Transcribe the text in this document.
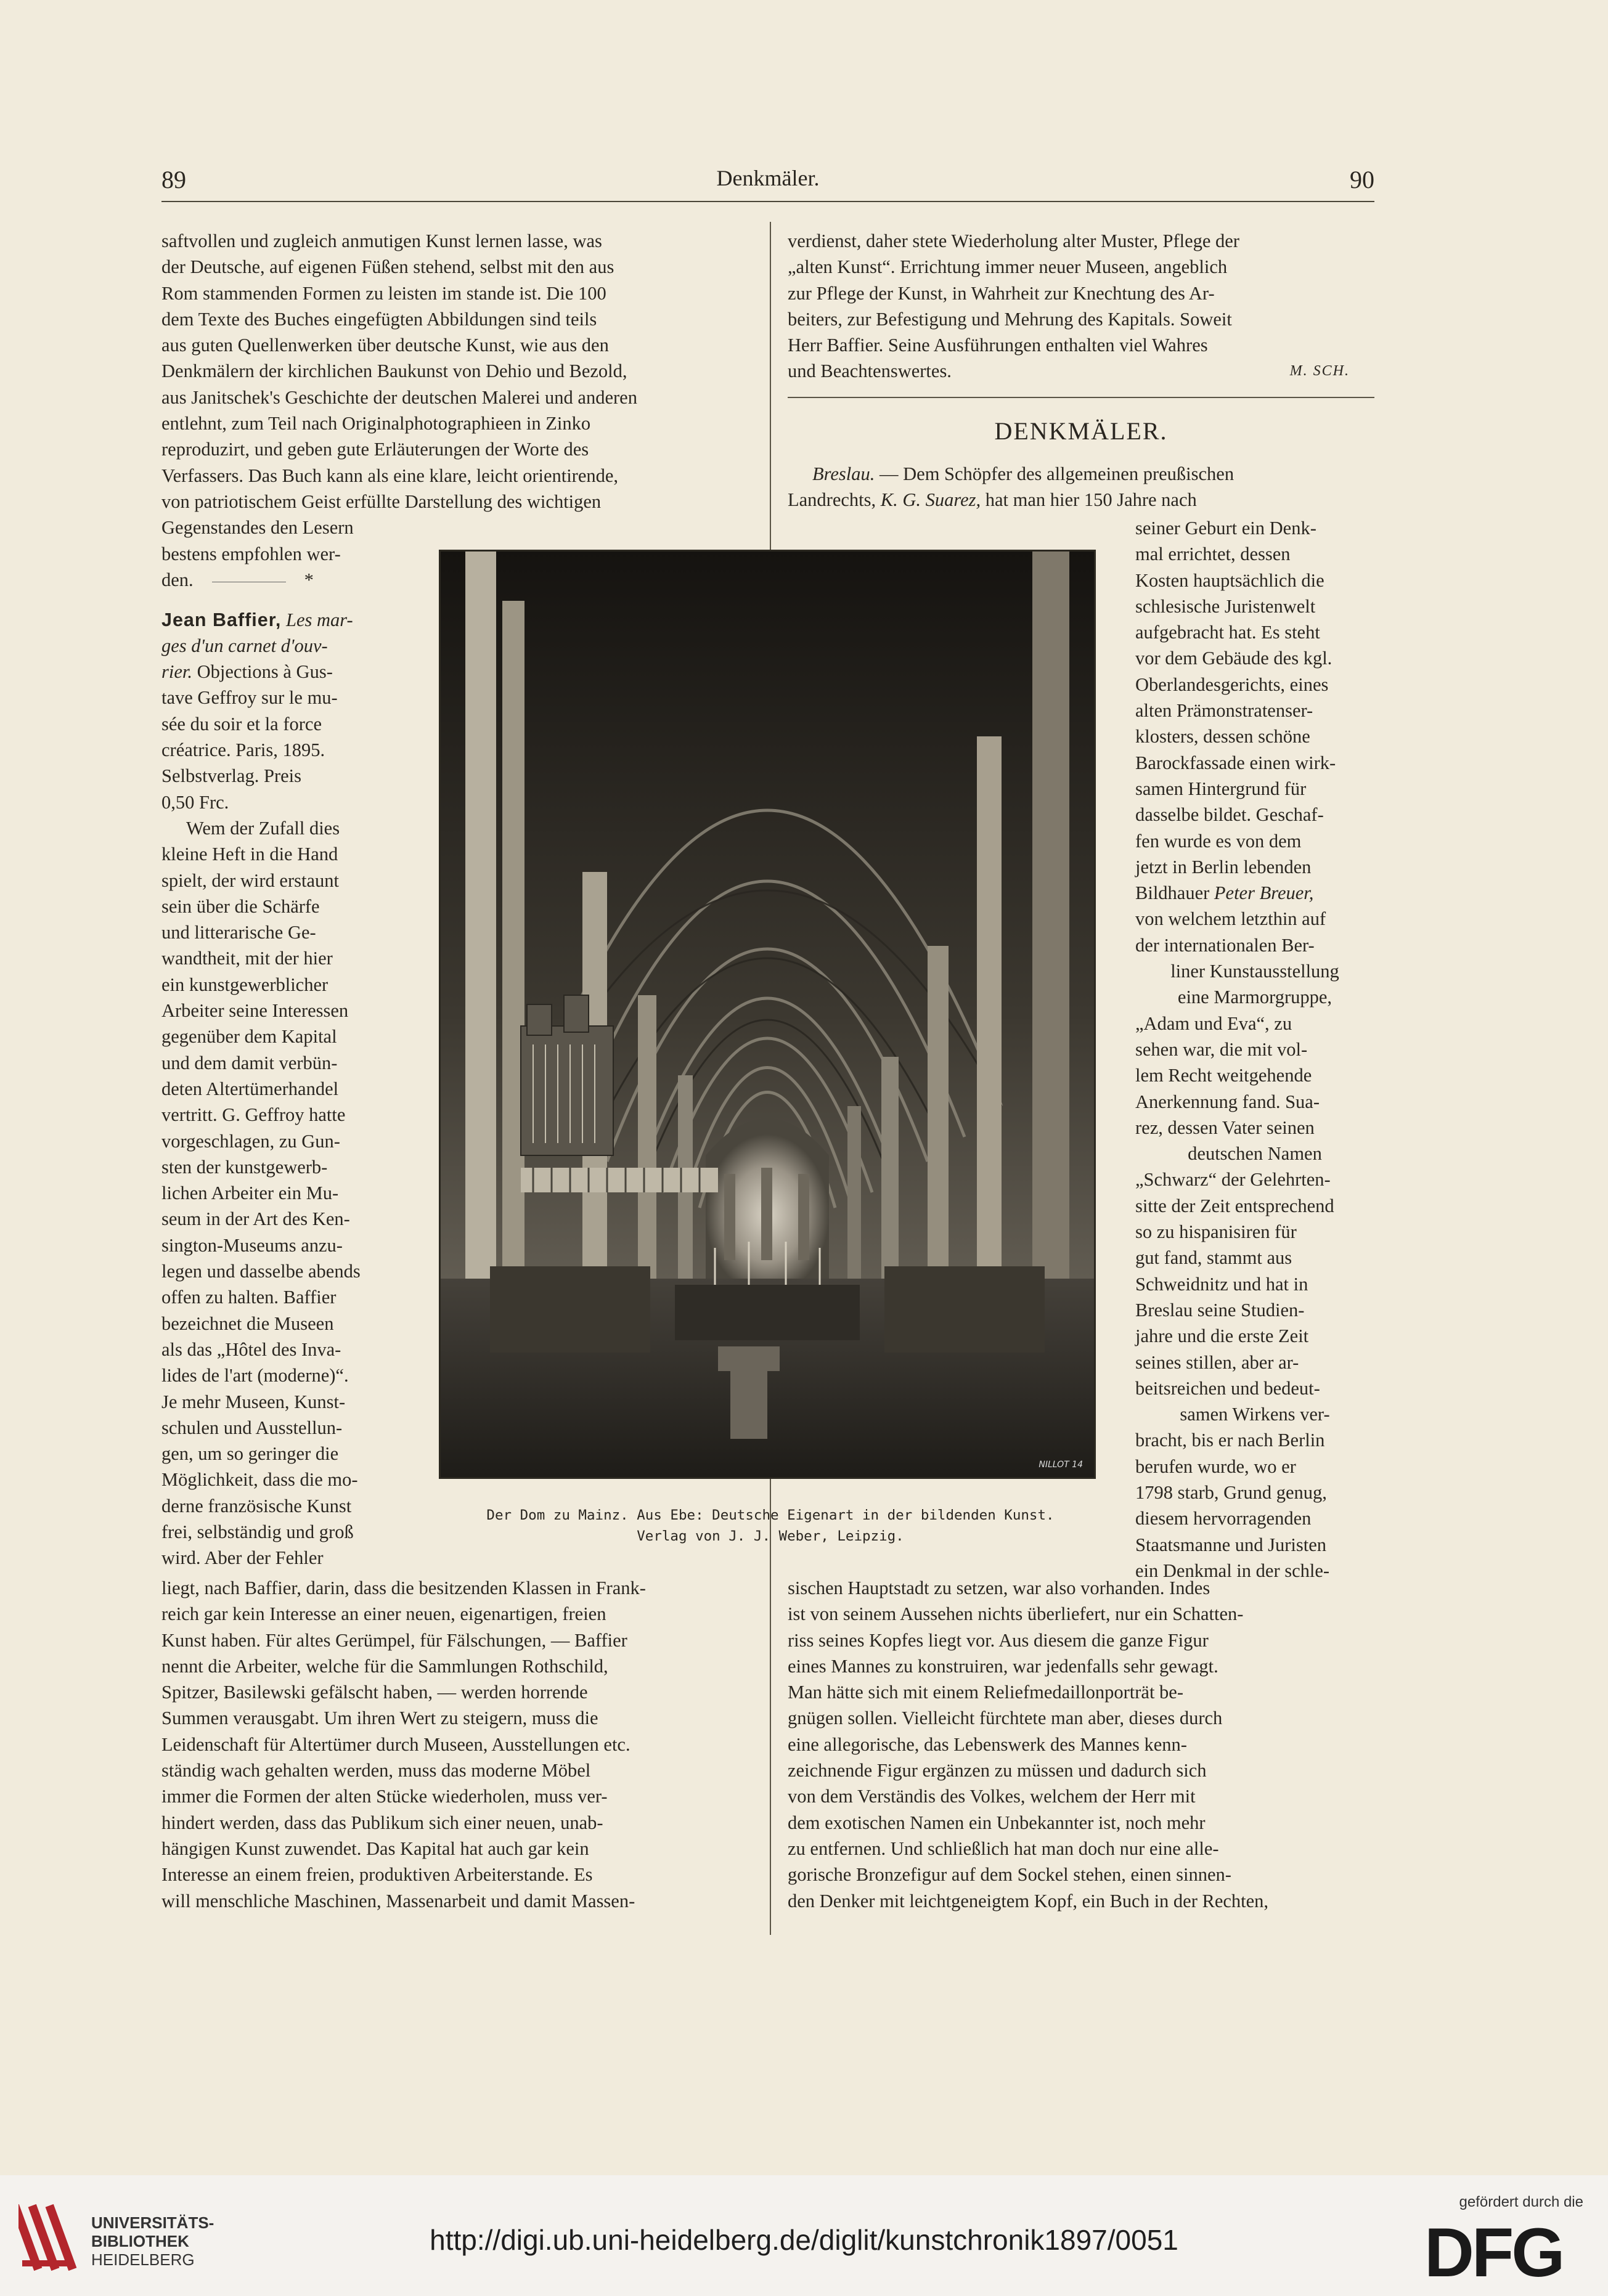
89	Denkmäler.	90

saftvollen und zugleich anmutigen Kunst lernen lasse, was

der Deutsche, auf eigenen Füßen stehend, selbst mit den aus

Rom stammenden Formen zu leisten im stande ist. Die 100

dem Texte des Buches eingefügten Abbildungen sind teils

aus guten Quellenwerken über deutsche Kunst, wie aus den

Denkmälern der kirchlichen Baukunst von Dehio und Bezold,

aus Janitschek's Geschichte der deutschen Malerei und anderen

entlehnt, zum Teil nach Originalphotographieen in Zinko

reproduzirt, und geben gute Erläuterungen der Worte des

Verfassers. Das Buch kann als eine klare, leicht orientirende,

von patriotischem Geist erfüllte Darstellung des wichtigen

Gegenstandes den Lesern

bestens empfohlen wer-

den.	*

Jean Baffier, Les mar-

ges d'un carnet d'ouv-

rier. Objections à Gus-

tave Geffroy sur le mu-

sée du soir et la force

créatrice. Paris, 1895.

Selbstverlag. Preis

0,50 Frc.

Wem der Zufall dies

kleine Heft in die Hand

spielt, der wird erstaunt

sein über die Schärfe

und litterarische Ge-

wandtheit, mit der hier

ein kunstgewerblicher

Arbeiter seine Interessen

gegenüber dem Kapital

und dem damit verbün-

deten Altertümerhandel

vertritt. G. Geffroy hatte

vorgeschlagen, zu Gun-

sten der kunstgewerb-

lichen Arbeiter ein Mu-

seum in der Art des Ken-

sington-Museums anzu-

legen und dasselbe abends

offen zu halten. Baffier

bezeichnet die Museen

als das „Hôtel des Inva-

lides de l'art (moderne)“.

Je mehr Museen, Kunst-

schulen und Ausstellun-

gen, um so geringer die

Möglichkeit, dass die mo-

derne französische Kunst

frei, selbständig und groß

wird. Aber der Fehler

liegt, nach Baffier, darin, dass die besitzenden Klassen in Frank-

reich gar kein Interesse an einer neuen, eigenartigen, freien

Kunst haben. Für altes Gerümpel, für Fälschungen, — Baffier

nennt die Arbeiter, welche für die Sammlungen Rothschild,

Spitzer, Basilewski gefälscht haben, — werden horrende

Summen verausgabt. Um ihren Wert zu steigern, muss die

Leidenschaft für Altertümer durch Museen, Ausstellungen etc.

ständig wach gehalten werden, muss das moderne Möbel

immer die Formen der alten Stücke wiederholen, muss ver-

hindert werden, dass das Publikum sich einer neuen, unab-

hängigen Kunst zuwendet. Das Kapital hat auch gar kein

Interesse an einem freien, produktiven Arbeiterstande. Es

will menschliche Maschinen, Massenarbeit und damit Massen-

verdienst, daher stete Wiederholung alter Muster, Pflege der

„alten Kunst“. Errichtung immer neuer Museen, angeblich

zur Pflege der Kunst, in Wahrheit zur Knechtung des Ar-

beiters, zur Befestigung und Mehrung des Kapitals. Soweit

Herr Baffier. Seine Ausführungen enthalten viel Wahres

und Beachtenswertes.	M. SCH.

DENKMÄLER.

Breslau. — Dem Schöpfer des allgemeinen preußischen

Landrechts, K. G. Suarez, hat man hier 150 Jahre nach

seiner Geburt ein Denk-

mal errichtet, dessen

Kosten hauptsächlich die

schlesische Juristenwelt

aufgebracht hat. Es steht

vor dem Gebäude des kgl.

Oberlandesgerichts, eines

alten Prämonstratenser-

klosters, dessen schöne

Barockfassade einen wirk-

samen Hintergrund für

dasselbe bildet. Geschaf-

fen wurde es von dem

jetzt in Berlin lebenden

Bildhauer Peter Breuer,

von welchem letzthin auf

der internationalen Ber-

liner Kunstausstellung

eine Marmorgruppe,

„Adam und Eva“, zu

sehen war, die mit vol-

lem Recht weitgehende

Anerkennung fand. Sua-

rez, dessen Vater seinen

deutschen Namen

„Schwarz“ der Gelehrten-

sitte der Zeit entsprechend

so zu hispanisiren für

gut fand, stammt aus

Schweidnitz und hat in

Breslau seine Studien-

jahre und die erste Zeit

seines stillen, aber ar-

beitsreichen und bedeut-

samen Wirkens ver-

bracht, bis er nach Berlin

berufen wurde, wo er

1798 starb, Grund genug,

diesem hervorragenden

Staatsmanne und Juristen

ein Denkmal in der schle-

sischen Hauptstadt zu setzen, war also vorhanden. Indes

ist von seinem Aussehen nichts überliefert, nur ein Schatten-

riss seines Kopfes liegt vor. Aus diesem die ganze Figur

eines Mannes zu konstruiren, war jedenfalls sehr gewagt.

Man hätte sich mit einem Reliefmedaillonporträt be-

gnügen sollen. Vielleicht fürchtete man aber, dieses durch

eine allegorische, das Lebenswerk des Mannes kenn-

zeichnende Figur ergänzen zu müssen und dadurch sich

von dem Verständis des Volkes, welchem der Herr mit

dem exotischen Namen ein Unbekannter ist, noch mehr

zu entfernen. Und schließlich hat man doch nur eine alle-

gorische Bronzefigur auf dem Sockel stehen, einen sinnen-

den Denker mit leichtgeneigtem Kopf, ein Buch in der Rechten,

NILLOT 14
Der Dom zu Mainz. Aus Ebe: Deutsche Eigenart in der bildenden Kunst.
Verlag von J. J. Weber, Leipzig.
UNIVERSITÄTS-
BIBLIOTHEK
HEIDELBERG
http://digi.ub.uni-heidelberg.de/diglit/kunstchronik1897/0051
gefördert durch die
DFG
